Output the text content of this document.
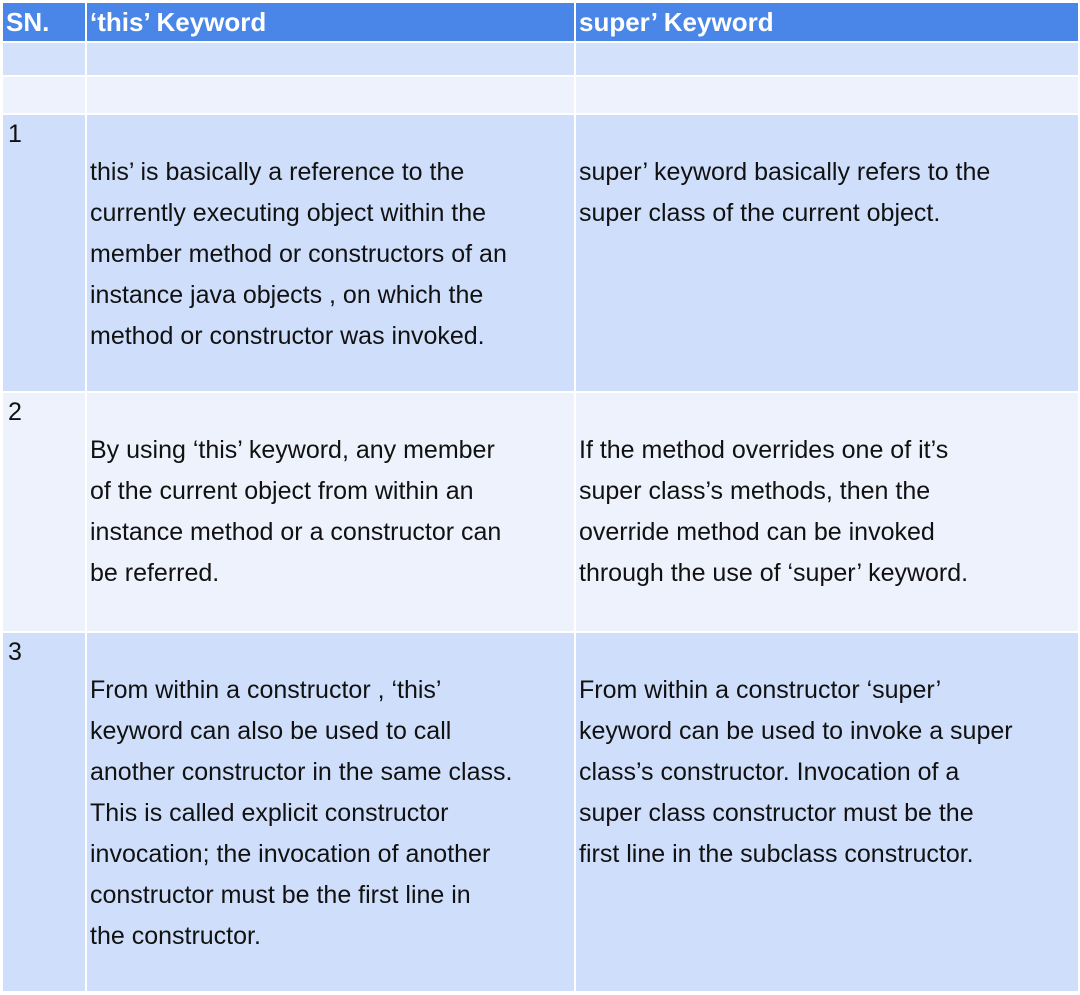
SN.	‘this’ Keyword	super’ Keyword
1

this’ is basically a reference to the
currently executing object within the
member method or constructors of an
instance java objects , on which the
method or constructor was invoked.

super’ keyword basically refers to the
super class of the current object.

2

By using ‘this’ keyword, any member
of the current object from within an
instance method or a constructor can
be referred.

If the method overrides one of it’s
super class’s methods, then the
override method can be invoked
through the use of ‘super’ keyword.

3

From within a constructor , ‘this’
keyword can also be used to call
another constructor in the same class.
This is called explicit constructor
invocation; the invocation of another
constructor must be the first line in
the constructor.

From within a constructor ‘super’
keyword can be used to invoke a super
class’s constructor. Invocation of a
super class constructor must be the
first line in the subclass constructor.
